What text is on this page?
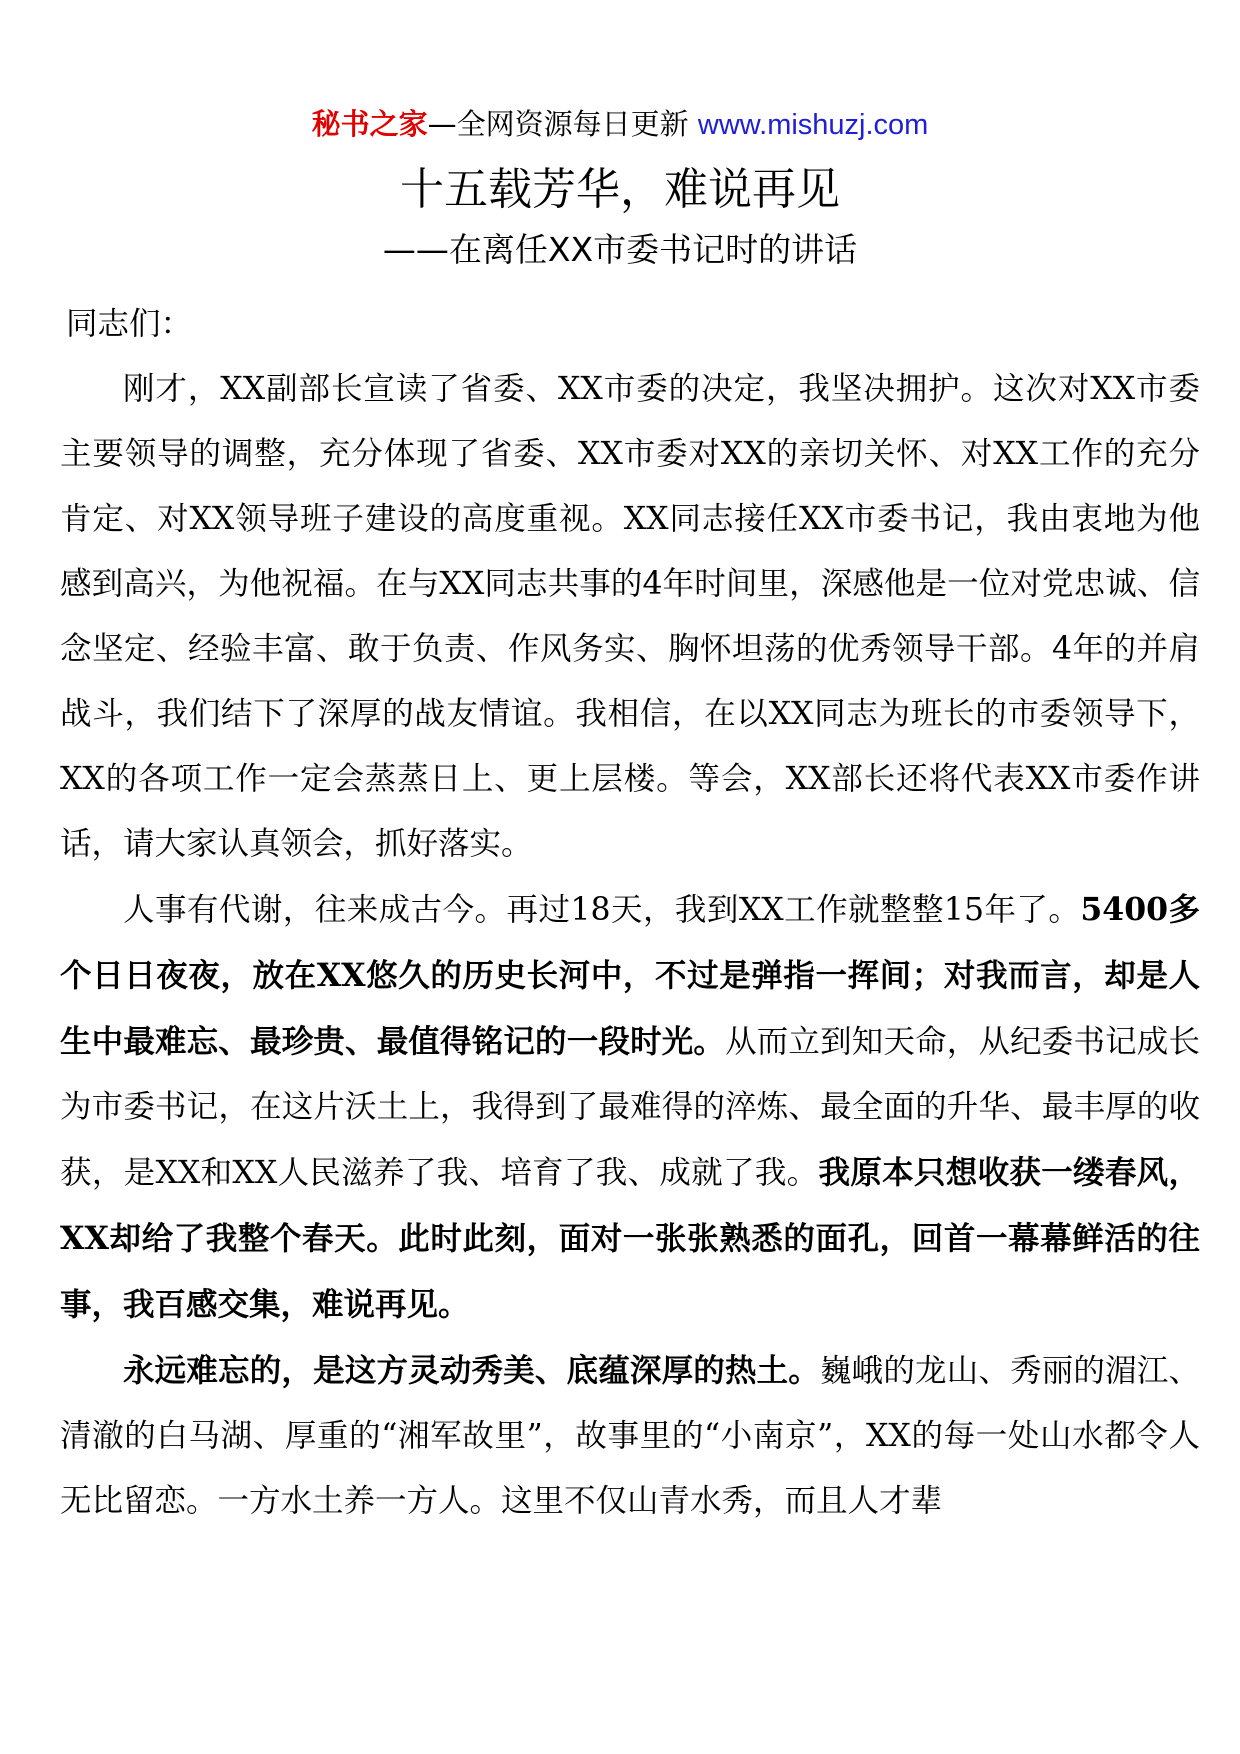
秘书之家—全网资源每日更新 www.mishuzj.com
十五载芳华，难说再见
——在离任XX市委书记时的讲话

同志们：

刚才，XX副部长宣读了省委、XX市委的决定，我坚决拥护。这次对XX市委主要领导的调整，充分体现了省委、XX市委对XX的亲切关怀、对XX工作的充分肯定、对XX领导班子建设的高度重视。XX同志接任XX市委书记，我由衷地为他感到高兴，为他祝福。在与XX同志共事的4年时间里，深感他是一位对党忠诚、信念坚定、经验丰富、敢于负责、作风务实、胸怀坦荡的优秀领导干部。4年的并肩战斗，我们结下了深厚的战友情谊。我相信，在以XX同志为班长的市委领导下，XX的各项工作一定会蒸蒸日上、更上层楼。等会，XX部长还将代表XX市委作讲话，请大家认真领会，抓好落实。

人事有代谢，往来成古今。再过18天，我到XX工作就整整15年了。5400多个日日夜夜，放在XX悠久的历史长河中，不过是弹指一挥间；对我而言，却是人生中最难忘、最珍贵、最值得铭记的一段时光。从而立到知天命，从纪委书记成长为市委书记，在这片沃土上，我得到了最难得的淬炼、最全面的升华、最丰厚的收获，是XX和XX人民滋养了我、培育了我、成就了我。我原本只想收获一缕春风，XX却给了我整个春天。此时此刻，面对一张张熟悉的面孔，回首一幕幕鲜活的往事，我百感交集，难说再见。

永远难忘的，是这方灵动秀美、底蕴深厚的热土。巍峨的龙山、秀丽的湄江、清澈的白马湖、厚重的“湘军故里”，故事里的“小南京”，XX的每一处山水都令人无比留恋。一方水土养一方人。这里不仅山青水秀，而且人才辈
